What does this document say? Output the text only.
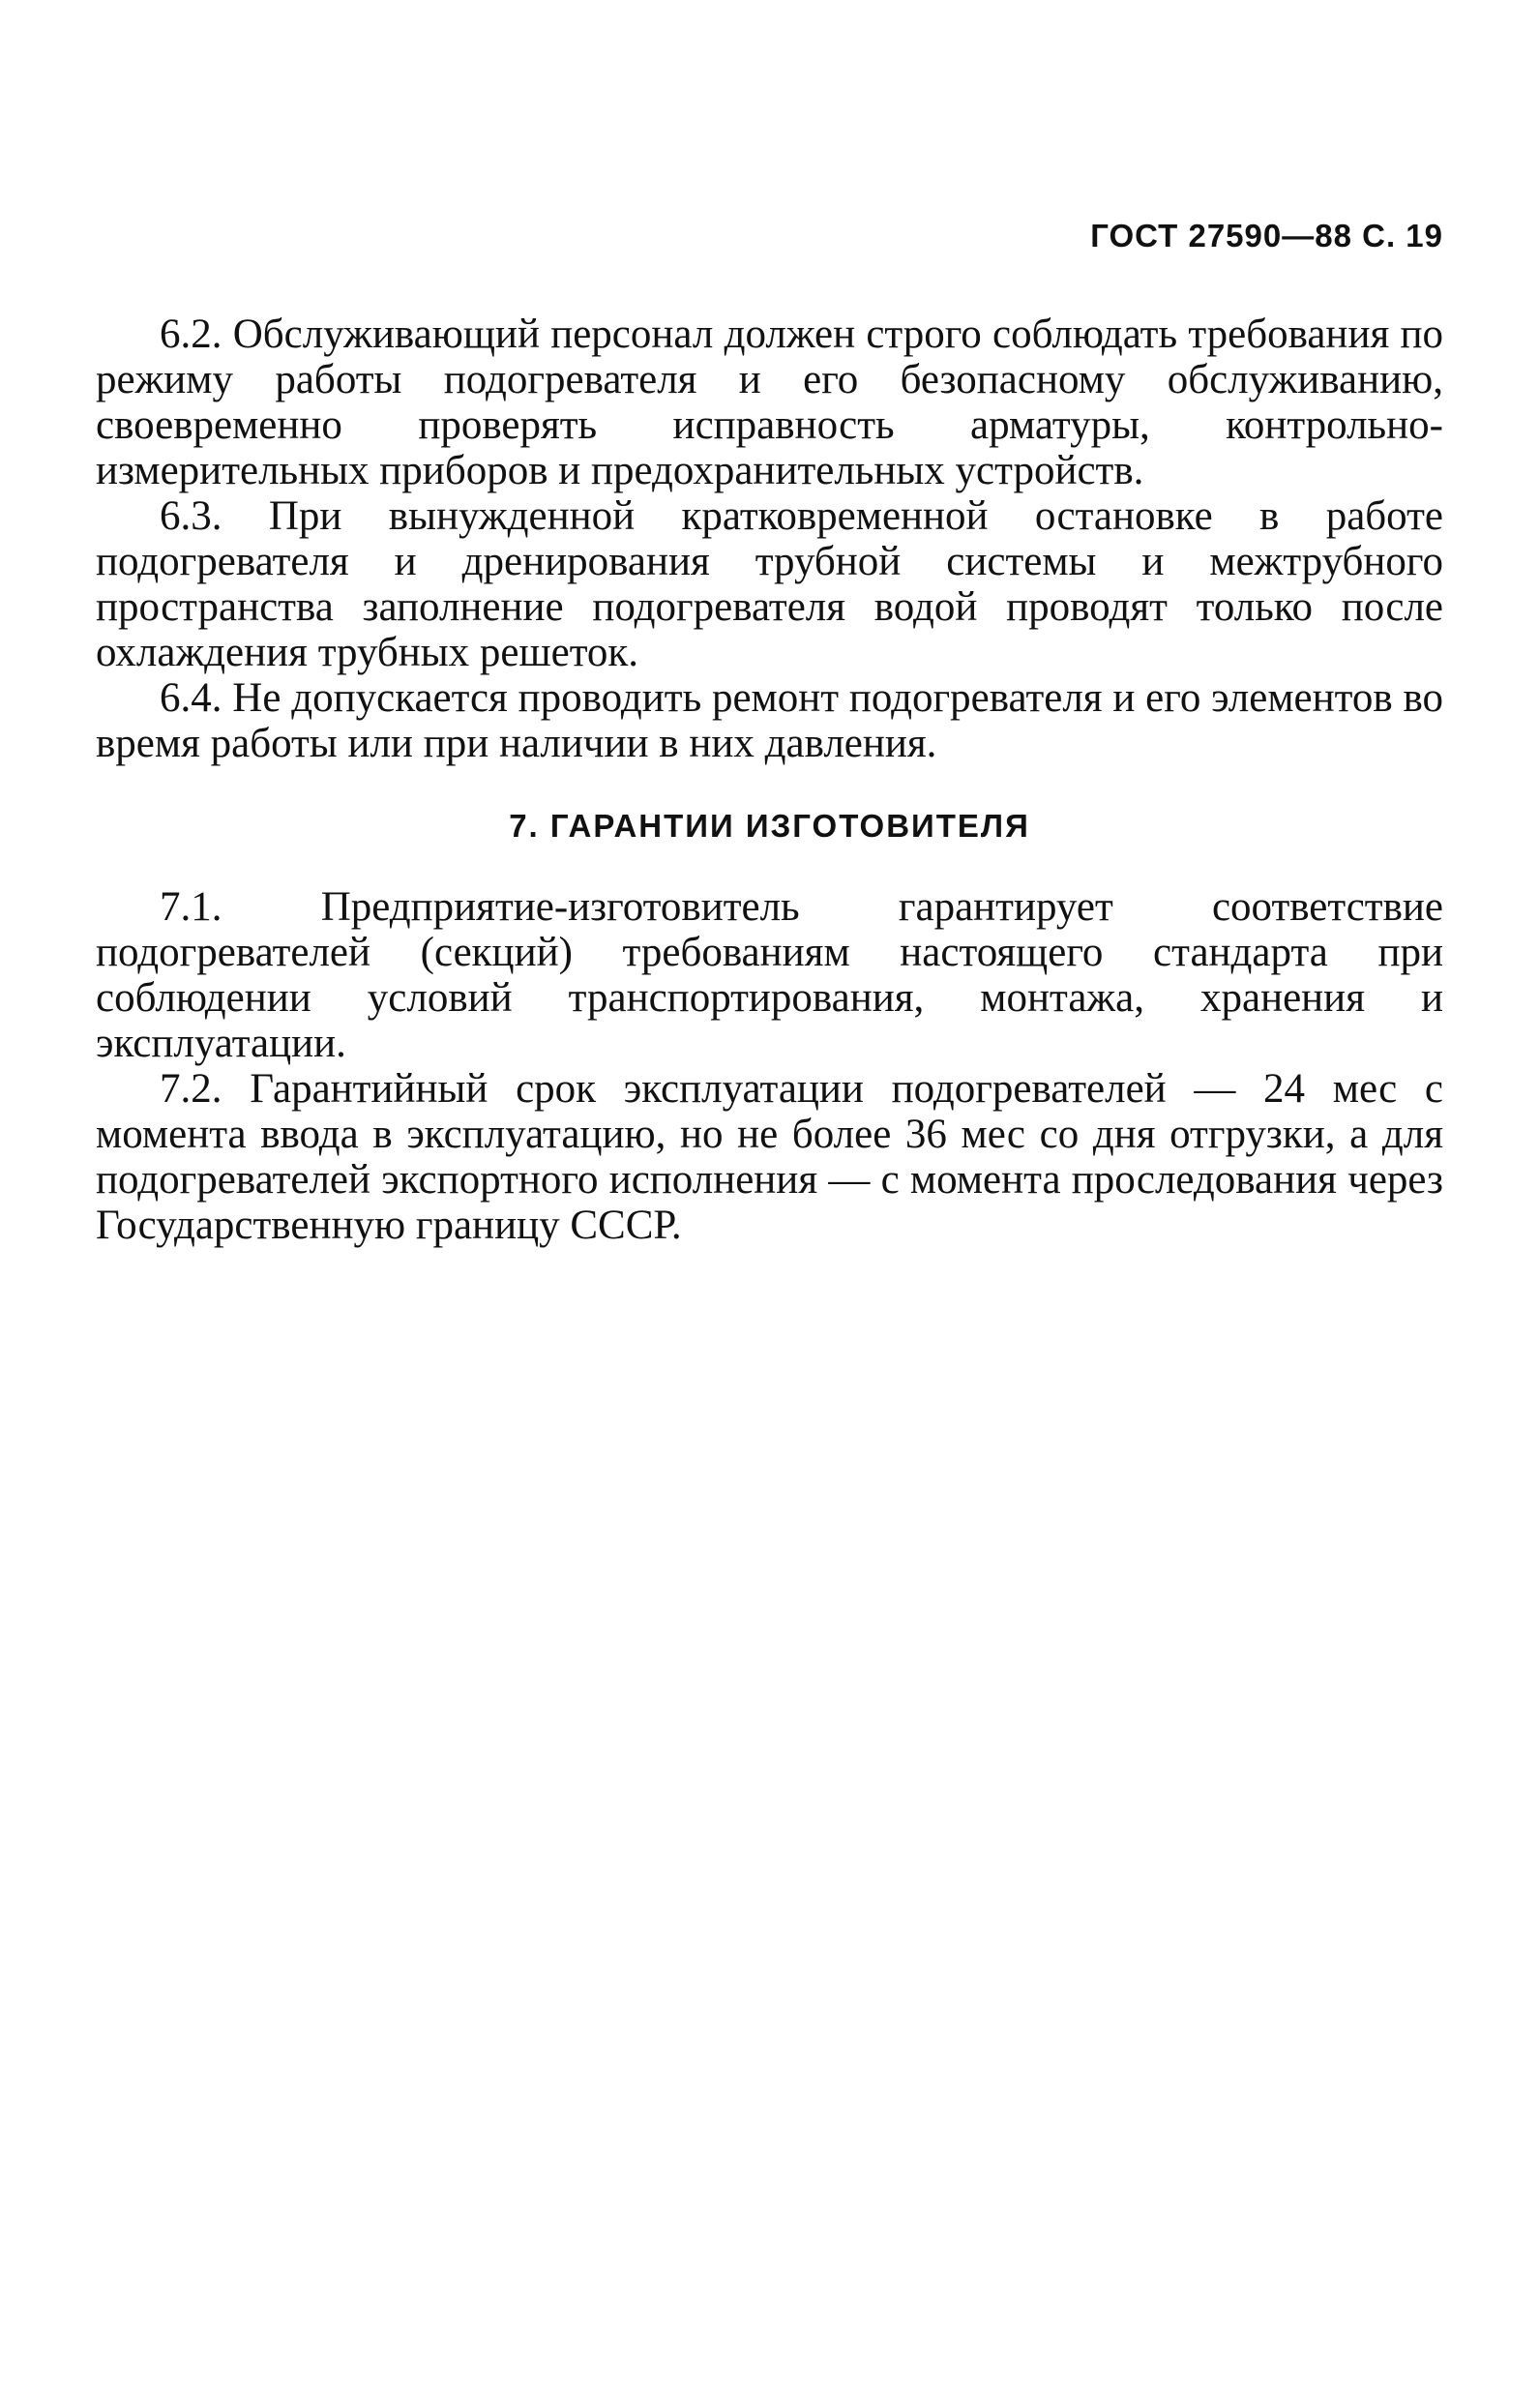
ГОСТ 27590—88 С. 19

6.2. Обслуживающий персонал должен строго соблюдать требования по режиму работы подогревателя и его безопасному обслуживанию, своевременно проверять исправность арматуры, контрольно-измерительных приборов и предохранительных устройств.

6.3. При вынужденной кратковременной остановке в работе подогревателя и дренирования трубной системы и межтрубного пространства заполнение подогревателя водой проводят только после охлаждения трубных решеток.

6.4. Не допускается проводить ремонт подогревателя и его элементов во время работы или при наличии в них давления.

7. ГАРАНТИИ ИЗГОТОВИТЕЛЯ

7.1. Предприятие-изготовитель гарантирует соответствие подогревателей (секций) требованиям настоящего стандарта при соблюдении условий транспортирования, монтажа, хранения и эксплуатации.

7.2. Гарантийный срок эксплуатации подогревателей — 24 мес с момента ввода в эксплуатацию, но не более 36 мес со дня отгрузки, а для подогревателей экспортного исполнения — с момента проследования через Государственную границу СССР.
